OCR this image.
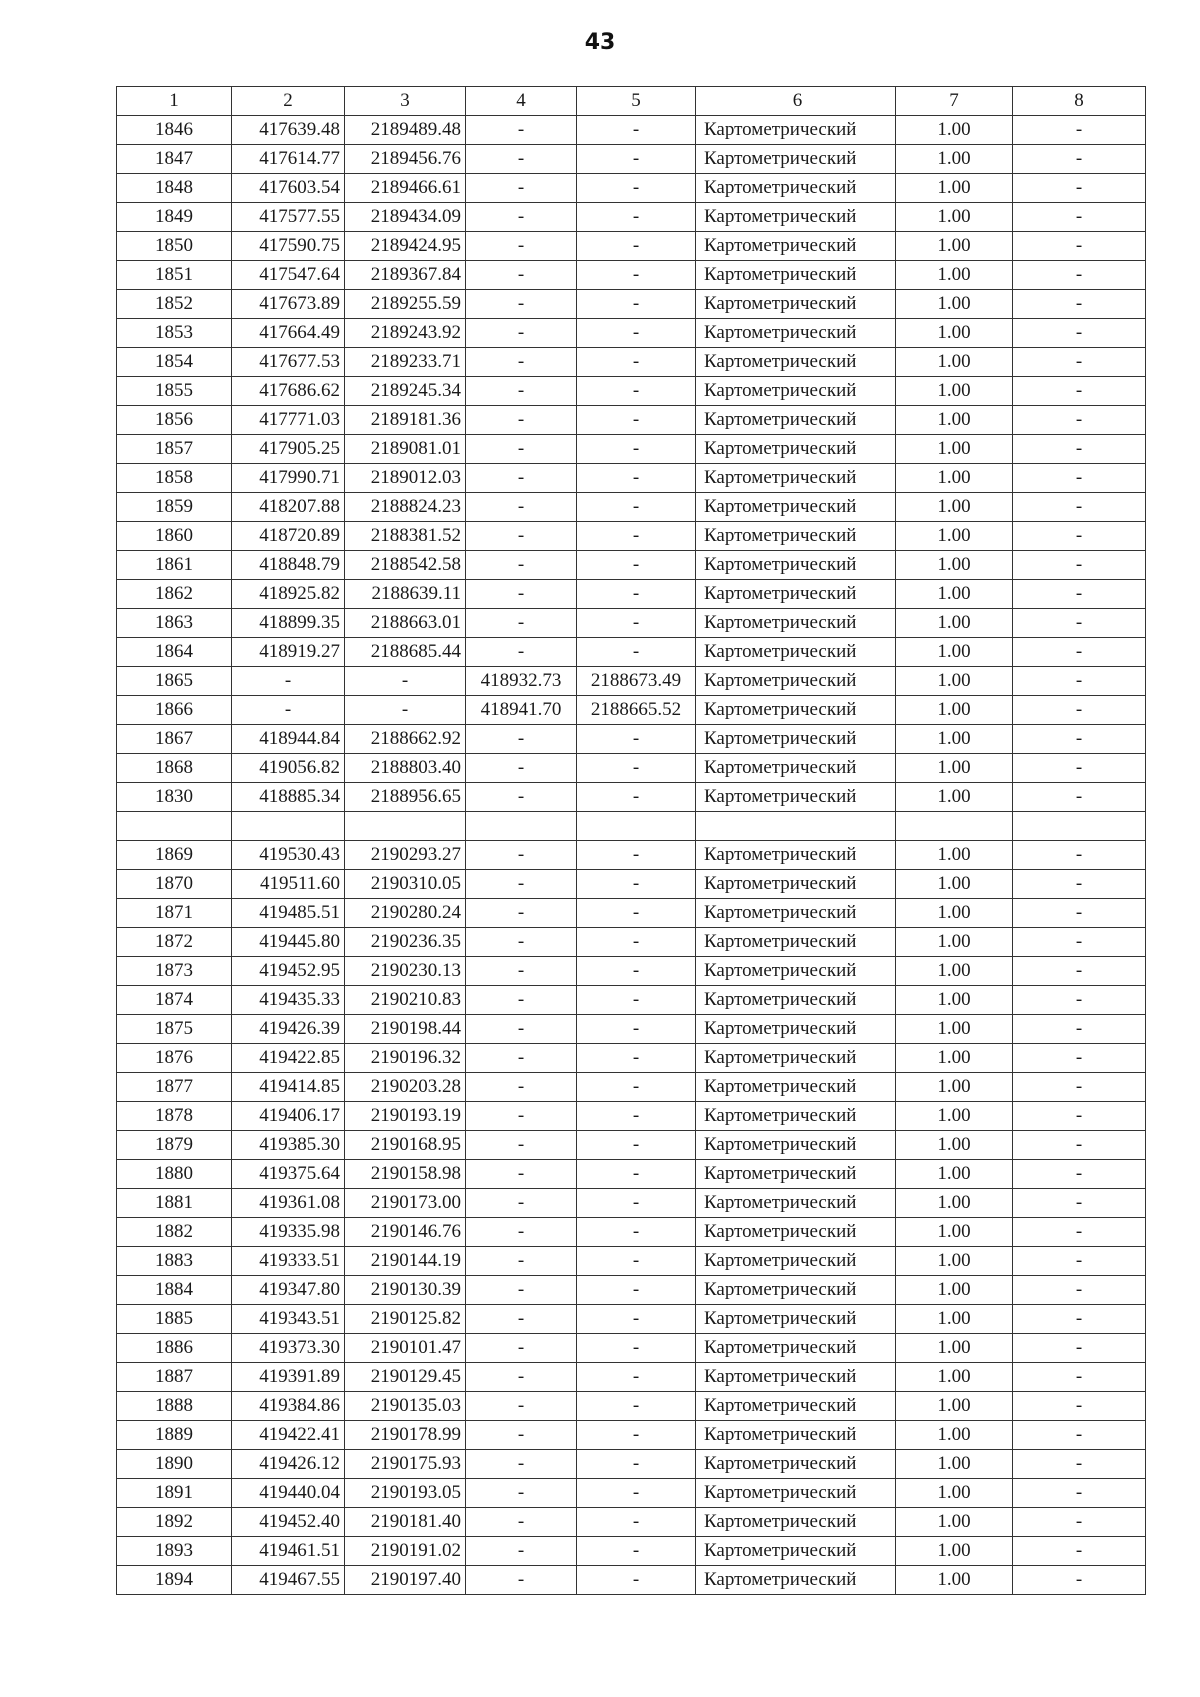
43
1	2	3	4	5	6	7	8
1846	417639.48	2189489.48	-	-	Картометрический	1.00	-
1847	417614.77	2189456.76	-	-	Картометрический	1.00	-
1848	417603.54	2189466.61	-	-	Картометрический	1.00	-
1849	417577.55	2189434.09	-	-	Картометрический	1.00	-
1850	417590.75	2189424.95	-	-	Картометрический	1.00	-
1851	417547.64	2189367.84	-	-	Картометрический	1.00	-
1852	417673.89	2189255.59	-	-	Картометрический	1.00	-
1853	417664.49	2189243.92	-	-	Картометрический	1.00	-
1854	417677.53	2189233.71	-	-	Картометрический	1.00	-
1855	417686.62	2189245.34	-	-	Картометрический	1.00	-
1856	417771.03	2189181.36	-	-	Картометрический	1.00	-
1857	417905.25	2189081.01	-	-	Картометрический	1.00	-
1858	417990.71	2189012.03	-	-	Картометрический	1.00	-
1859	418207.88	2188824.23	-	-	Картометрический	1.00	-
1860	418720.89	2188381.52	-	-	Картометрический	1.00	-
1861	418848.79	2188542.58	-	-	Картометрический	1.00	-
1862	418925.82	2188639.11	-	-	Картометрический	1.00	-
1863	418899.35	2188663.01	-	-	Картометрический	1.00	-
1864	418919.27	2188685.44	-	-	Картометрический	1.00	-
1865	-	-	418932.73	2188673.49	Картометрический	1.00	-
1866	-	-	418941.70	2188665.52	Картометрический	1.00	-
1867	418944.84	2188662.92	-	-	Картометрический	1.00	-
1868	419056.82	2188803.40	-	-	Картометрический	1.00	-
1830	418885.34	2188956.65	-	-	Картометрический	1.00	-

1869	419530.43	2190293.27	-	-	Картометрический	1.00	-
1870	419511.60	2190310.05	-	-	Картометрический	1.00	-
1871	419485.51	2190280.24	-	-	Картометрический	1.00	-
1872	419445.80	2190236.35	-	-	Картометрический	1.00	-
1873	419452.95	2190230.13	-	-	Картометрический	1.00	-
1874	419435.33	2190210.83	-	-	Картометрический	1.00	-
1875	419426.39	2190198.44	-	-	Картометрический	1.00	-
1876	419422.85	2190196.32	-	-	Картометрический	1.00	-
1877	419414.85	2190203.28	-	-	Картометрический	1.00	-
1878	419406.17	2190193.19	-	-	Картометрический	1.00	-
1879	419385.30	2190168.95	-	-	Картометрический	1.00	-
1880	419375.64	2190158.98	-	-	Картометрический	1.00	-
1881	419361.08	2190173.00	-	-	Картометрический	1.00	-
1882	419335.98	2190146.76	-	-	Картометрический	1.00	-
1883	419333.51	2190144.19	-	-	Картометрический	1.00	-
1884	419347.80	2190130.39	-	-	Картометрический	1.00	-
1885	419343.51	2190125.82	-	-	Картометрический	1.00	-
1886	419373.30	2190101.47	-	-	Картометрический	1.00	-
1887	419391.89	2190129.45	-	-	Картометрический	1.00	-
1888	419384.86	2190135.03	-	-	Картометрический	1.00	-
1889	419422.41	2190178.99	-	-	Картометрический	1.00	-
1890	419426.12	2190175.93	-	-	Картометрический	1.00	-
1891	419440.04	2190193.05	-	-	Картометрический	1.00	-
1892	419452.40	2190181.40	-	-	Картометрический	1.00	-
1893	419461.51	2190191.02	-	-	Картометрический	1.00	-
1894	419467.55	2190197.40	-	-	Картометрический	1.00	-
